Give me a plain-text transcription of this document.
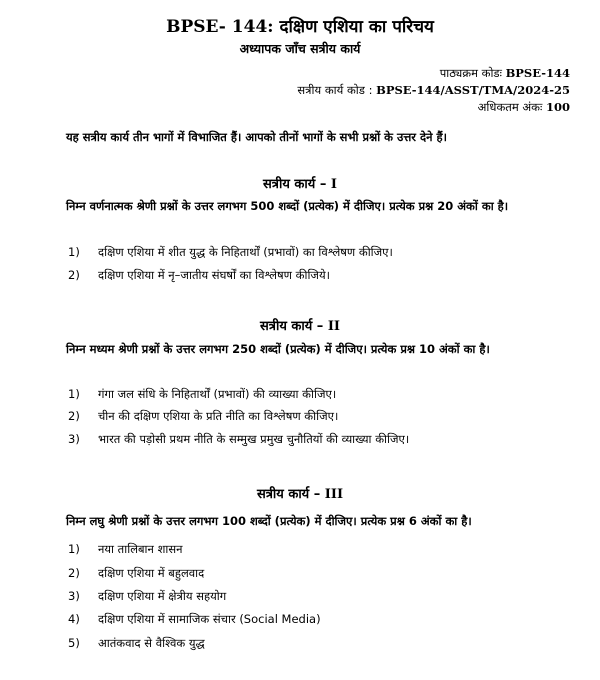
BPSE- 144: दक्षिण एशिया का परिचय
अध्यापक जाँच सत्रीय कार्य
पाठ्यक्रम कोडः BPSE-144
सत्रीय कार्य कोड : BPSE-144/ASST/TMA/2024-25
अधिकतम अंकः 100
यह सत्रीय कार्य तीन भागों में विभाजित हैं। आपको तीनों भागों के सभी प्रश्नों के उत्तर देने हैं।
सत्रीय कार्य – I
निम्न वर्णनात्मक श्रेणी प्रश्नों के उत्तर लगभग 500 शब्दों (प्रत्येक) में दीजिए। प्रत्येक प्रश्न 20 अंकों का है।
1) दक्षिण एशिया में शीत युद्ध के निहितार्थों (प्रभावों) का विश्लेषण कीजिए।
2) दक्षिण एशिया में नृ–जातीय संघर्षों का विश्लेषण कीजिये।
सत्रीय कार्य – II
निम्न मध्यम श्रेणी प्रश्नों के उत्तर लगभग 250 शब्दों (प्रत्येक) में दीजिए। प्रत्येक प्रश्न 10 अंकों का है।
1) गंगा जल संधि के निहितार्थों (प्रभावों) की व्याख्या कीजिए।
2) चीन की दक्षिण एशिया के प्रति नीति का विश्लेषण कीजिए।
3) भारत की पड़ोसी प्रथम नीति के सम्मुख प्रमुख चुनौतियों की व्याख्या कीजिए।
सत्रीय कार्य – III
निम्न लघु श्रेणी प्रश्नों के उत्तर लगभग 100 शब्दों (प्रत्येक) में दीजिए। प्रत्येक प्रश्न 6 अंकों का है।
1) नया तालिबान शासन
2) दक्षिण एशिया में बहुलवाद
3) दक्षिण एशिया में क्षेत्रीय सहयोग
4) दक्षिण एशिया में सामाजिक संचार (Social Media)
5) आतंकवाद से वैश्विक युद्ध
